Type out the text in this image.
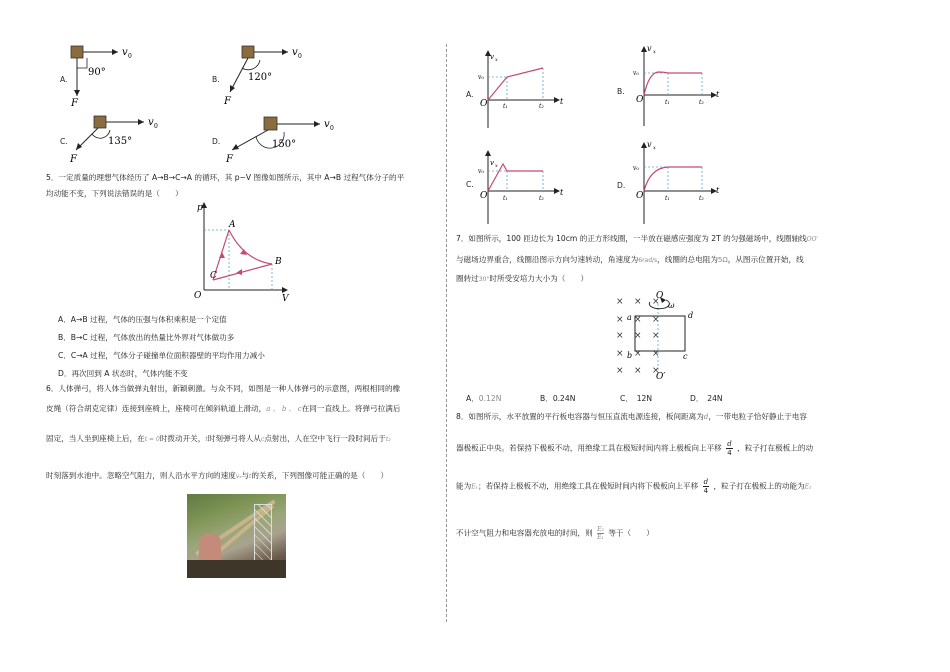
A.
v 0
90°
F
B.
v 0
120°
F
C.
v 0
135°
F
D.
v 0
150°
F
5．一定质量的理想气体经历了 A→B→C→A 的循环，其 p−V 图像如图所示，其中 A→B 过程气体分子的平
均动能不变，下列说法错误的是（　　）
p
V
O
A
B
C
A．A→B 过程，气体的压强与体积乘积是一个定值
B．B→C 过程，气体放出的热量比外界对气体做功多
C．C→A 过程，气体分子碰撞单位面积器壁的平均作用力减小
D．再次回到 A 状态时，气体内能不变
6．人体弹弓，将人体当做弹丸射出，新颖刺激。与众不同，如图是一种人体弹弓的示意图，两根相同的橡
皮绳（符合胡克定律）连接到座椅上，座椅可在倾斜轨道上滑动，a 、 b 、 c在同一直线上。将弹弓拉满后
固定，当人坐到座椅上后，在t = 0时拨动开关，t时刻弹弓将人从c点射出，人在空中飞行一段时间后于t₂
时刻落到水池中。忽略空气阻力，则人沿水平方向的速度vₓ与t的关系，下列图像可能正确的是（　　）
A.
v x
v₀
O	t₁	t₂
t
B.
v x
v₀
O	t₁	t₂
t
C.
v x
v₀
O	t₁	t₂
t
D.
v x
v₀
O	t₁	t₂
t
7．如图所示，100 匝边长为 10cm 的正方形线圈，一半放在磁感应强度为 2T 的匀强磁场中，线圈轴线OO′
与磁场边界重合，线圈沿图示方向匀速转动，角速度为6rad/s，线圈的总电阻为5Ω，从图示位置开始，线
圈转过30°时所受安培力大小为（　　）
× × ×
× × ×
× × ×
× × ×
× × ×
O
ω
a	d
b	c
O′
A．0.12N	B．0.24N	C．　12N	D．　24N
8．如图所示，水平放置的平行板电容器与恒压直流电源连接，板间距离为d，一带电粒子恰好静止于电容
器极板正中央。若保持下极板不动，用绝缘工具在极短时间内将上极板向上平移 $\frac{d}{4}$ ，粒子打在极板上的动
能为E₁；若保持上极板不动，用绝缘工具在极短时间内将下极板向上平移 $\frac{d}{4}$ ，粒子打在极板上的动能为E₂
不计空气阻力和电容器充放电的时间，则 $\frac{\text{E₂}}{\text{E₁}}$ 等于（　　）
